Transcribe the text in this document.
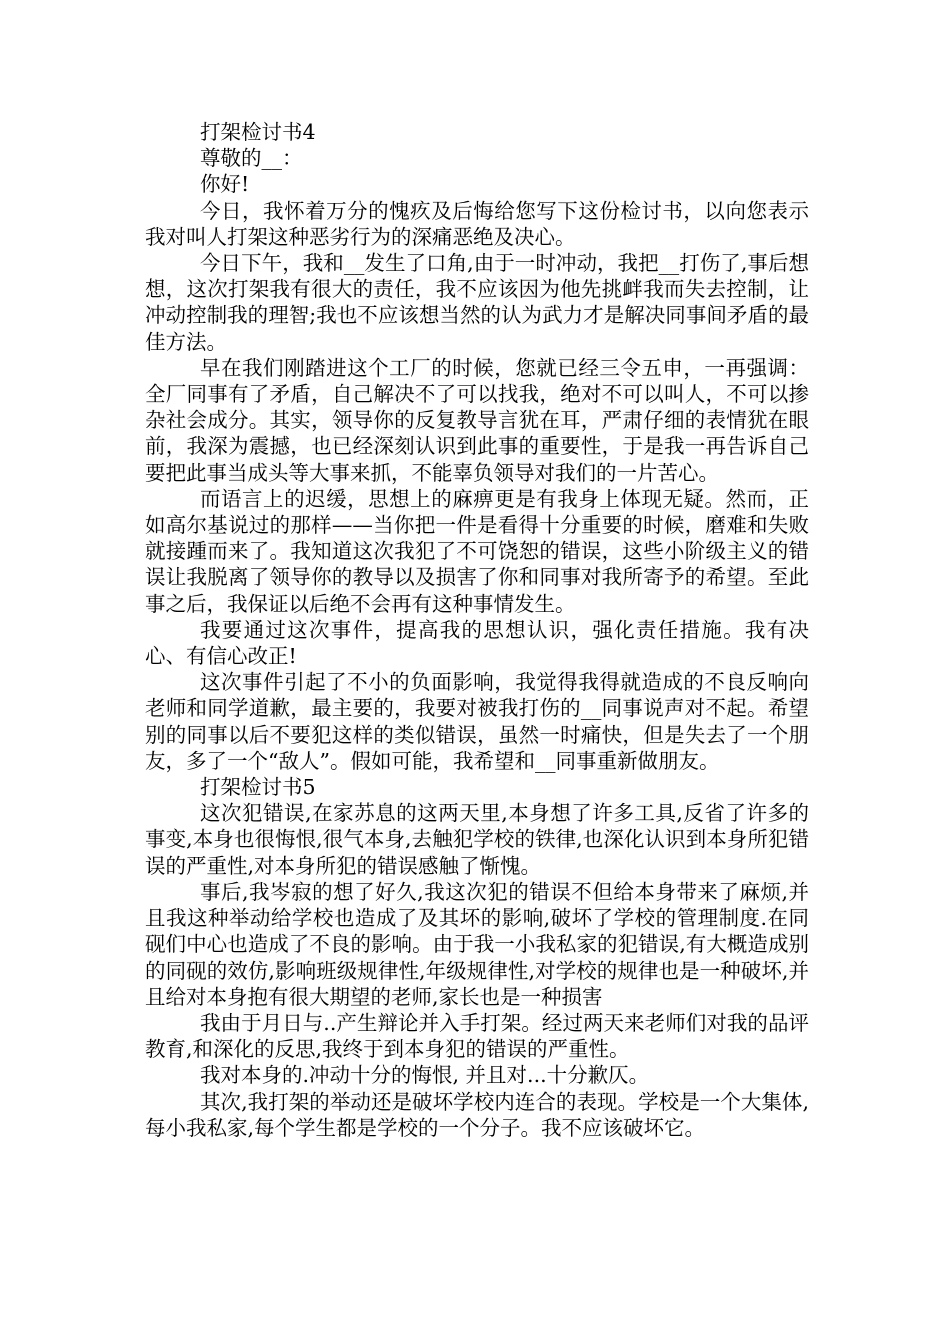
打架检讨书4
尊敬的__：
你好!

今日，我怀着万分的愧疚及后悔给您写下这份检讨书，以向您表示我对叫人打架这种恶劣行为的深痛恶绝及决心。

今日下午，我和__发生了口角,由于一时冲动，我把__打伤了,事后想想，这次打架我有很大的责任，我不应该因为他先挑衅我而失去控制，让冲动控制我的理智;我也不应该想当然的认为武力才是解决同事间矛盾的最佳方法。

早在我们刚踏进这个工厂的时候，您就已经三令五申，一再强调：全厂同事有了矛盾，自己解决不了可以找我，绝对不可以叫人，不可以掺杂社会成分。其实，领导你的反复教导言犹在耳，严肃仔细的表情犹在眼前，我深为震撼，也已经深刻认识到此事的重要性，于是我一再告诉自己要把此事当成头等大事来抓，不能辜负领导对我们的一片苦心。

而语言上的迟缓，思想上的麻痹更是有我身上体现无疑。然而，正如高尔基说过的那样——当你把一件是看得十分重要的时候，磨难和失败就接踵而来了。我知道这次我犯了不可饶恕的错误，这些小阶级主义的错误让我脱离了领导你的教导以及损害了你和同事对我所寄予的希望。至此事之后，我保证以后绝不会再有这种事情发生。

我要通过这次事件，提高我的思想认识，强化责任措施。我有决心、有信心改正!

这次事件引起了不小的负面影响，我觉得我得就造成的不良反响向老师和同学道歉，最主要的，我要对被我打伤的__同事说声对不起。希望别的同事以后不要犯这样的类似错误，虽然一时痛快，但是失去了一个朋友，多了一个“敌人”。假如可能，我希望和__同事重新做朋友。

打架检讨书5

这次犯错误,在家苏息的这两天里,本身想了许多工具,反省了许多的事变,本身也很悔恨,很气本身,去触犯学校的铁律,也深化认识到本身所犯错误的严重性,对本身所犯的错误感触了惭愧。

事后,我岑寂的想了好久,我这次犯的错误不但给本身带来了麻烦,并且我这种举动给学校也造成了及其坏的影响,破坏了学校的管理制度.在同砚们中心也造成了不良的影响。由于我一小我私家的犯错误,有大概造成别的同砚的效仿,影响班级规律性,年级规律性,对学校的规律也是一种破坏,并且给对本身抱有很大期望的老师,家长也是一种损害

我由于月日与..产生辩论并入手打架。经过两天来老师们对我的品评教育,和深化的反思,我终于到本身犯的错误的严重性。

我对本身的.冲动十分的悔恨, 并且对...十分歉仄。

其次,我打架的举动还是破坏学校内连合的表现。学校是一个大集体,每小我私家,每个学生都是学校的一个分子。我不应该破坏它。
